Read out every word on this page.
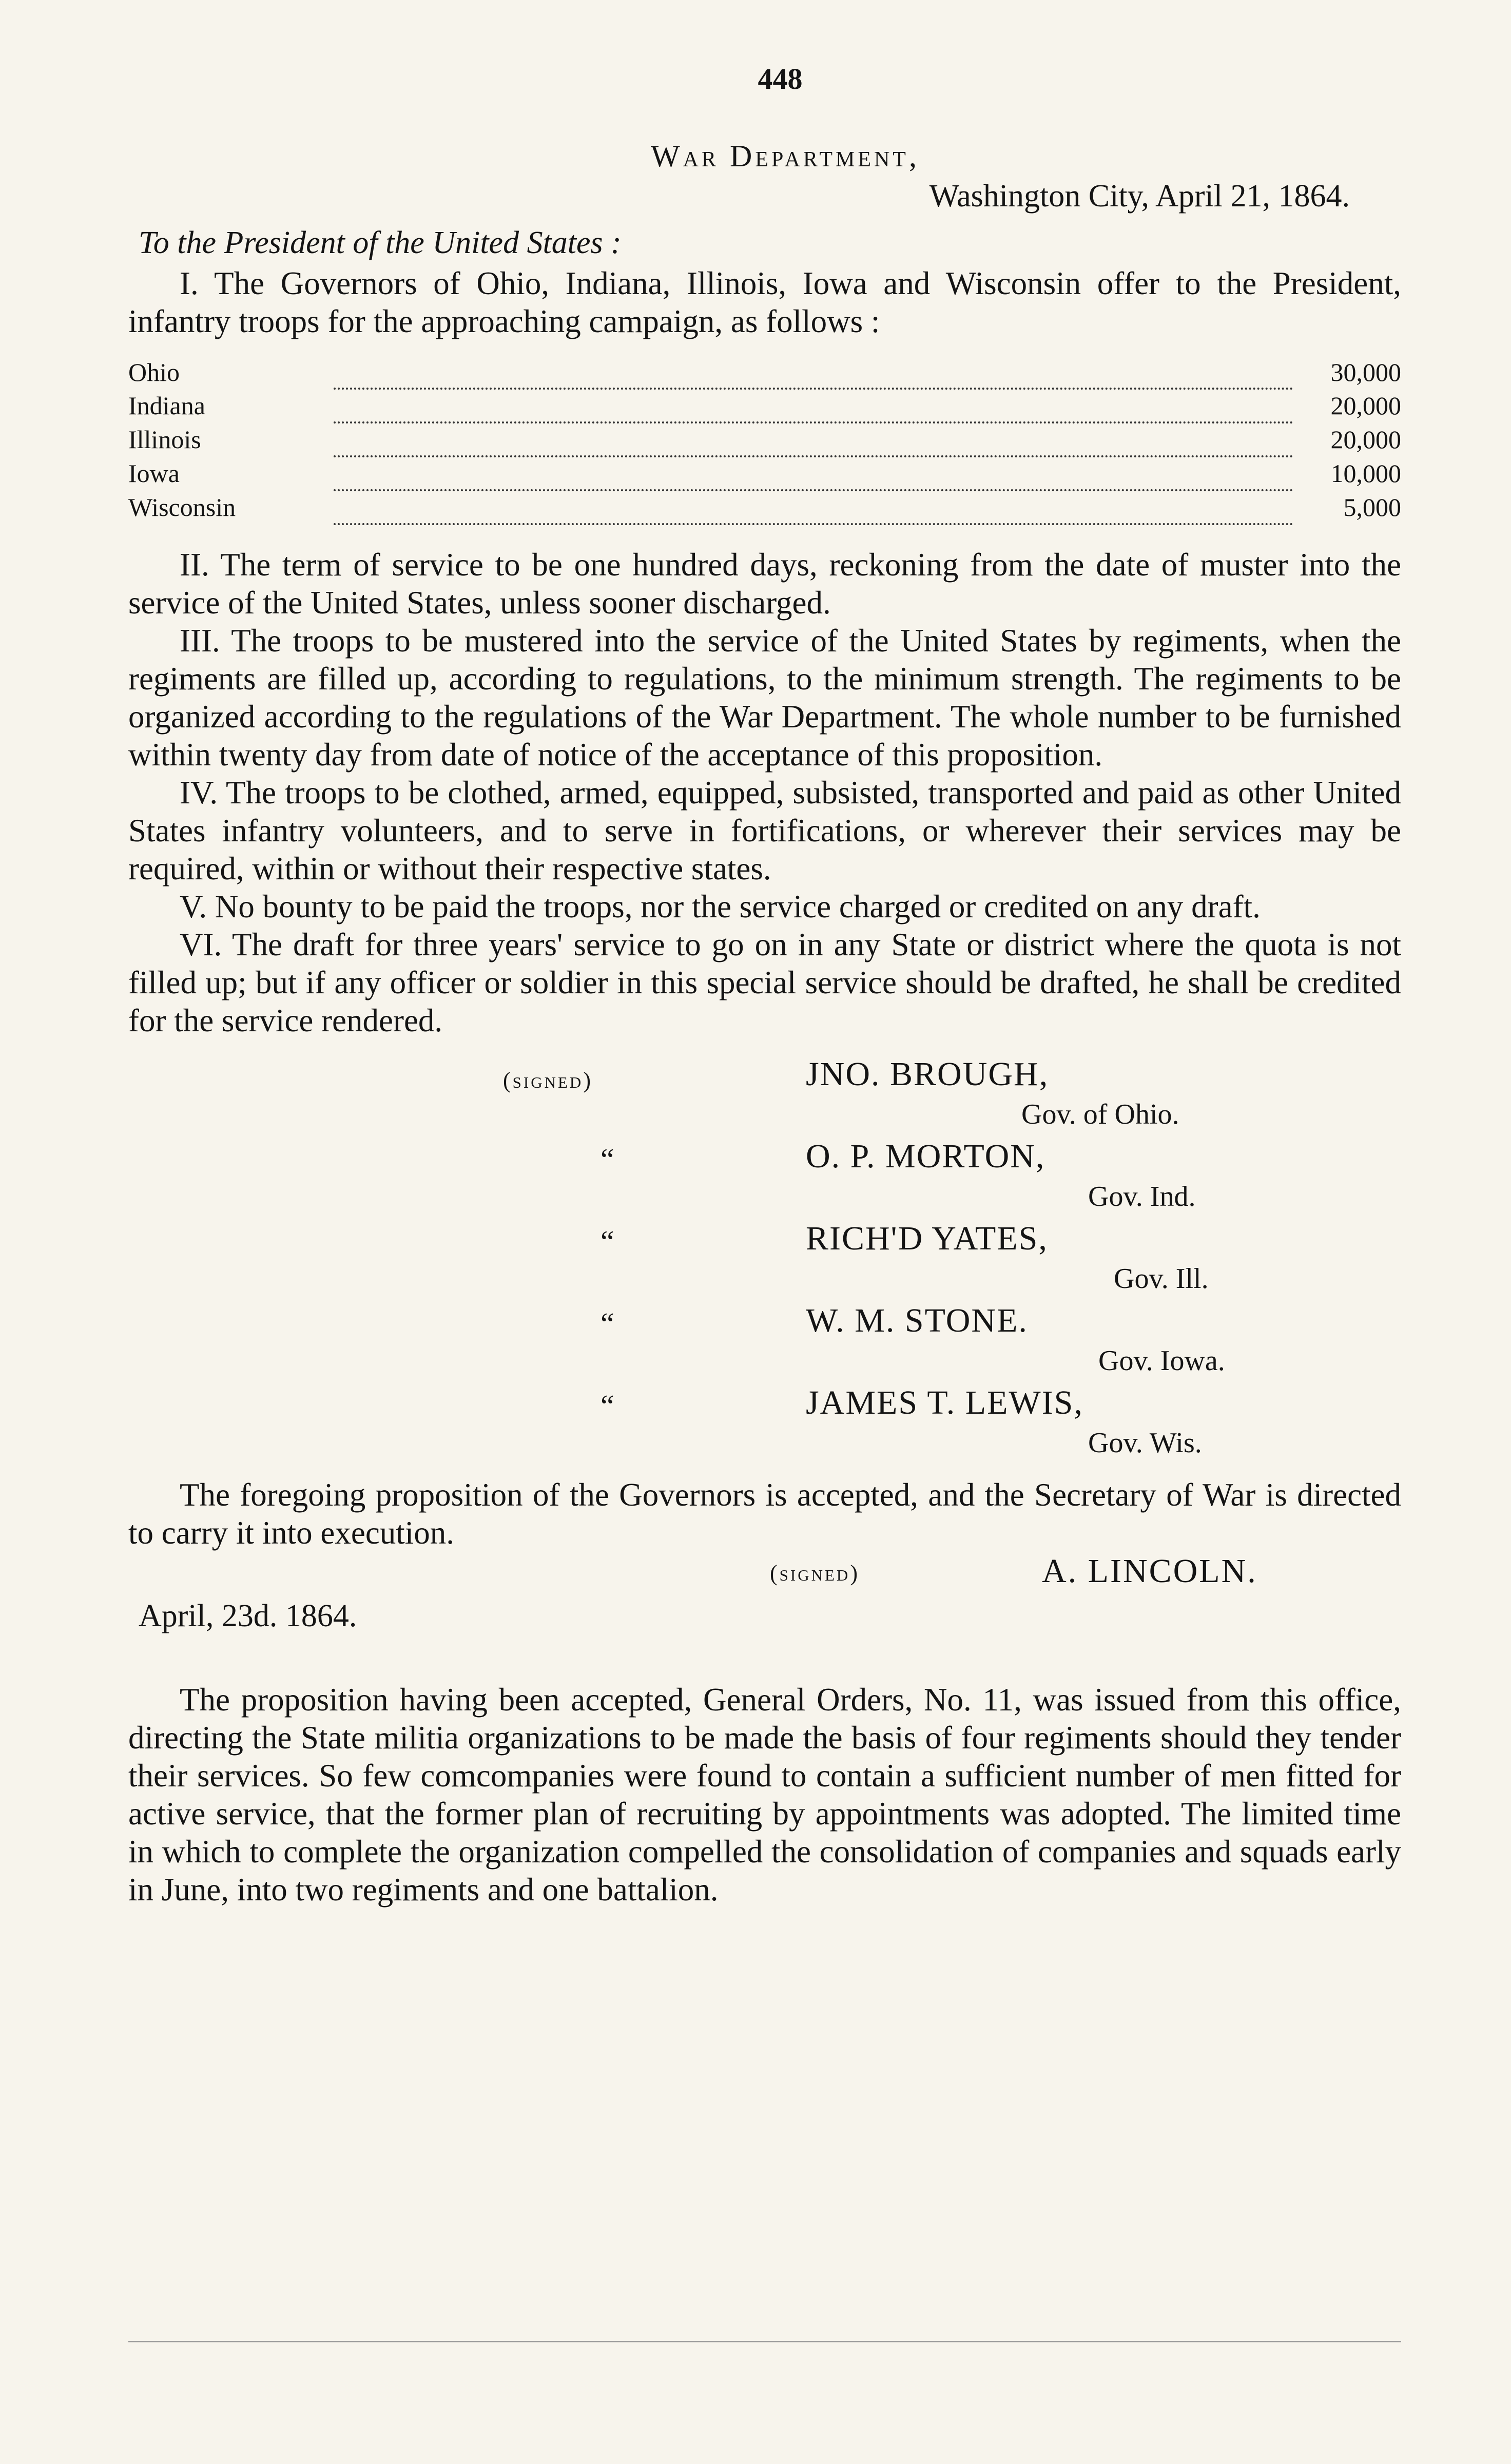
448
War Department,
Washington City, April 21, 1864.
To the President of the United States :

I. The Governors of Ohio, Indiana, Illinois, Iowa and Wisconsin offer to the President, infantry troops for the approaching campaign, as follows :

Ohio		30,000
Indiana		20,000
Illinois		20,000
Iowa		10,000
Wisconsin		5,000

II. The term of service to be one hundred days, reckoning from the date of muster into the service of the United States, unless sooner discharged.

III. The troops to be mustered into the service of the United States by regiments, when the regiments are filled up, according to regulations, to the minimum strength. The regiments to be organized according to the regulations of the War Department. The whole number to be furnished within twenty day from date of notice of the acceptance of this proposition.

IV. The troops to be clothed, armed, equipped, subsisted, transported and paid as other United States infantry volunteers, and to serve in fortifications, or wherever their services may be required, within or without their respective states.

V. No bounty to be paid the troops, nor the service charged or credited on any draft.

VI. The draft for three years' service to go on in any State or district where the quota is not filled up; but if any officer or soldier in this special service should be drafted, he shall be credited for the service rendered.

(signed)	JNO. BROUGH,
Gov. of Ohio.
“	O. P. MORTON,
Gov. Ind.
“	RICH'D YATES,
Gov. Ill.
“	W. M. STONE.
Gov. Iowa.
“	JAMES T. LEWIS,
Gov. Wis.

The foregoing proposition of the Governors is accepted, and the Secretary of War is directed to carry it into execution.

(signed)	A. LINCOLN.
April, 23d. 1864.

The proposition having been accepted, General Orders, No. 11, was issued from this office, directing the State militia organizations to be made the basis of four regiments should they tender their services. So few comcompanies were found to contain a sufficient number of men fitted for active service, that the former plan of recruiting by appointments was adopted. The limited time in which to complete the organization compelled the consolidation of companies and squads early in June, into two regiments and one battalion.
